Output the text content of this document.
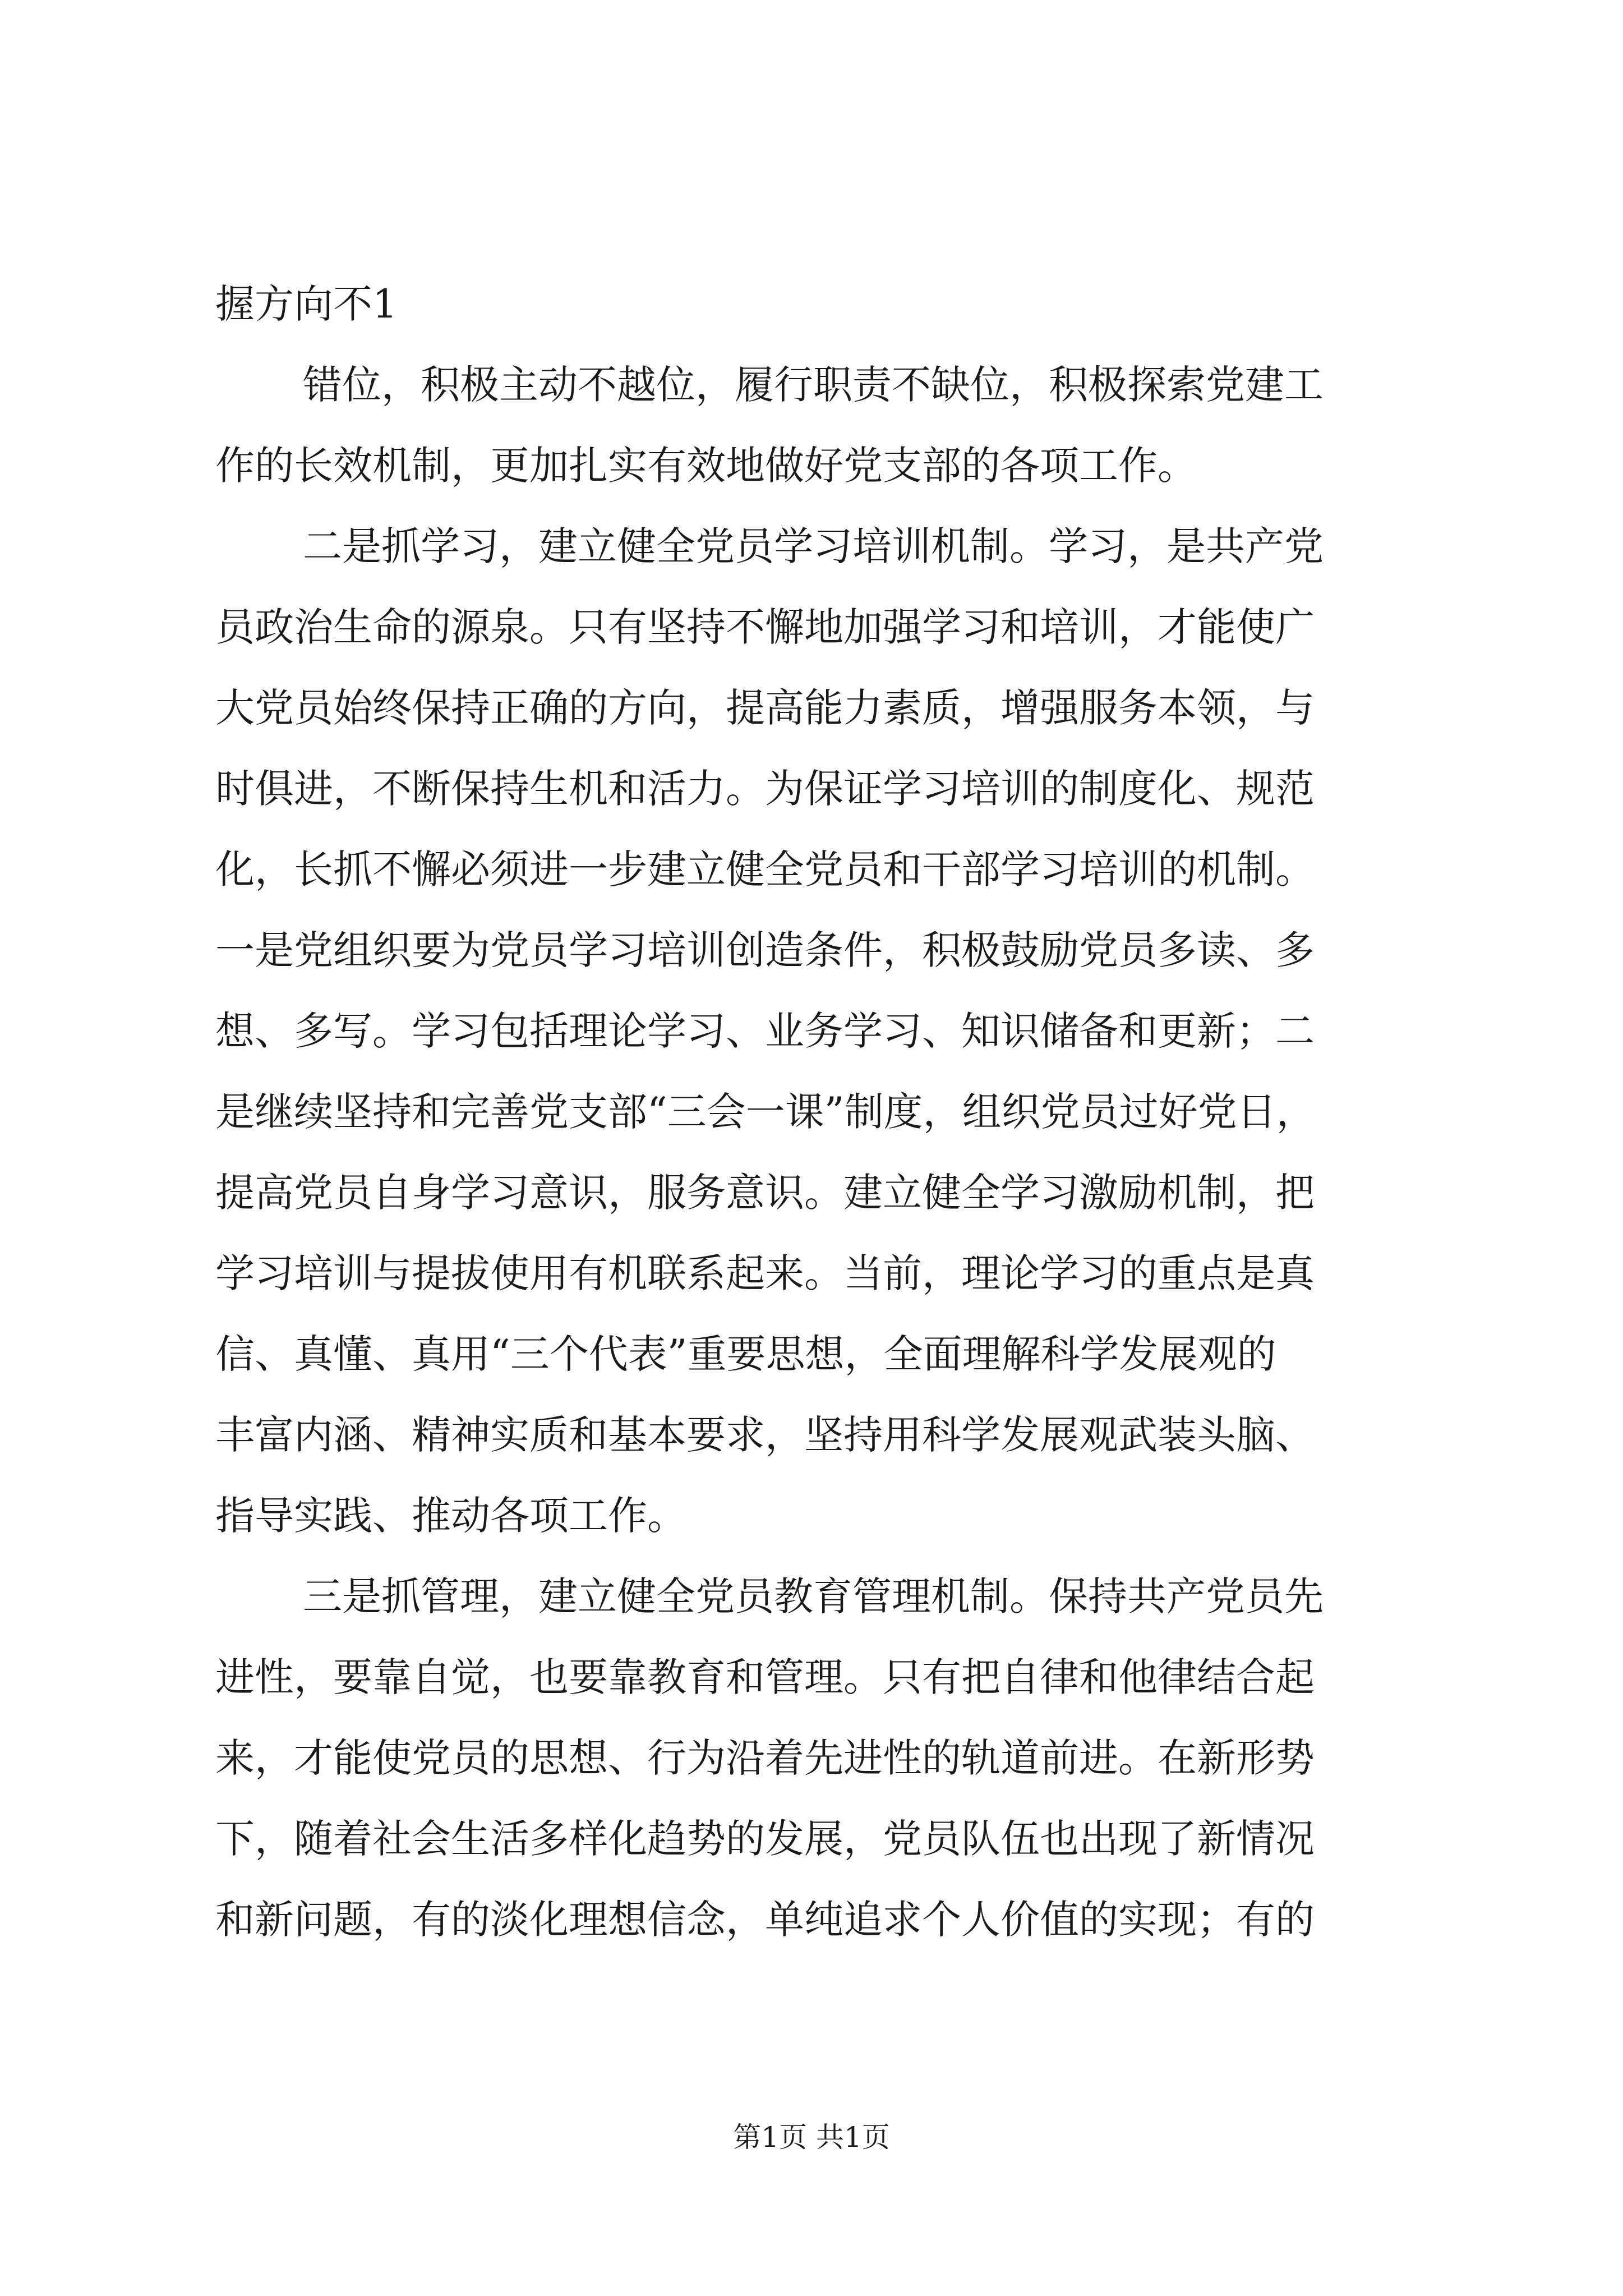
握方向不1
错位，积极主动不越位，履行职责不缺位，积极探索党建工
作的长效机制，更加扎实有效地做好党支部的各项工作。
二是抓学习，建立健全党员学习培训机制。学习，是共产党
员政治生命的源泉。只有坚持不懈地加强学习和培训，才能使广
大党员始终保持正确的方向，提高能力素质，增强服务本领，与
时俱进，不断保持生机和活力。为保证学习培训的制度化、规范
化，长抓不懈必须进一步建立健全党员和干部学习培训的机制。
一是党组织要为党员学习培训创造条件，积极鼓励党员多读、多
想、多写。学习包括理论学习、业务学习、知识储备和更新；二
是继续坚持和完善党支部“三会一课”制度，组织党员过好党日，
提高党员自身学习意识，服务意识。建立健全学习激励机制，把
学习培训与提拔使用有机联系起来。当前，理论学习的重点是真
信、真懂、真用“三个代表”重要思想，全面理解科学发展观的
丰富内涵、精神实质和基本要求，坚持用科学发展观武装头脑、
指导实践、推动各项工作。
三是抓管理，建立健全党员教育管理机制。保持共产党员先
进性，要靠自觉，也要靠教育和管理。只有把自律和他律结合起
来，才能使党员的思想、行为沿着先进性的轨道前进。在新形势
下，随着社会生活多样化趋势的发展，党员队伍也出现了新情况
和新问题，有的淡化理想信念，单纯追求个人价值的实现；有的
第1页 共1页
